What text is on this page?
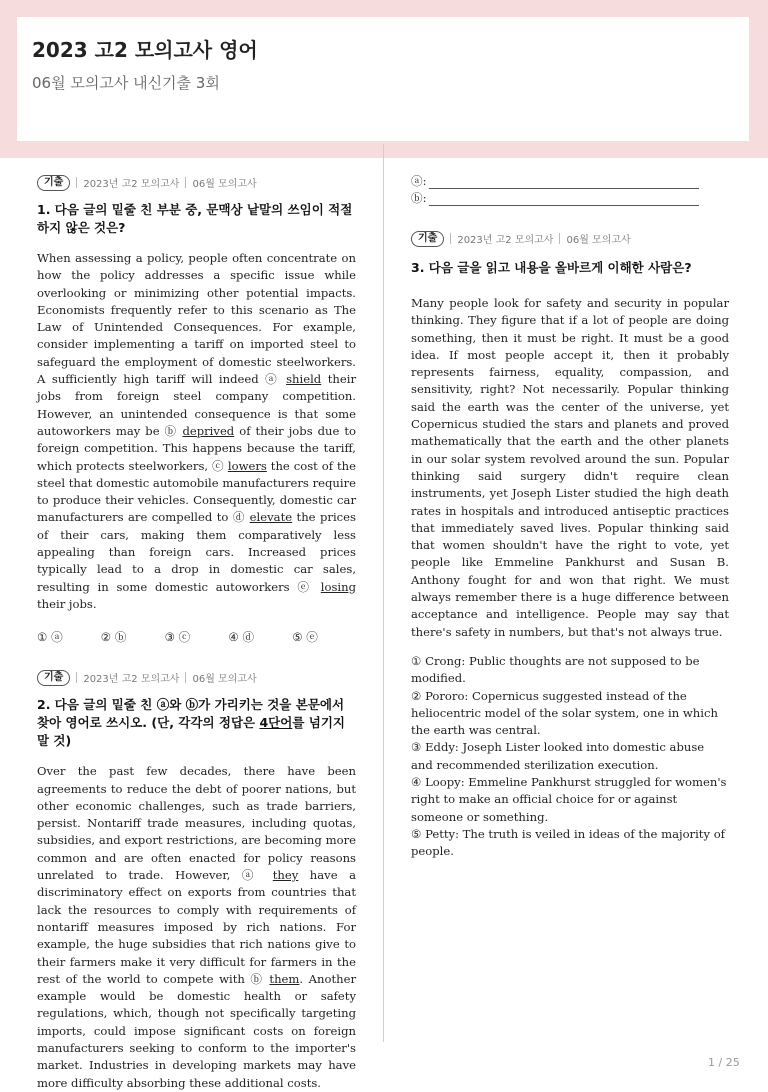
2023 고2 모의고사 영어
06월 모의고사 내신기출 3회
기출	2023년 고2 모의고사 06월 모의고사
1. 다음 글의 밑줄 친 부분 중, 문맥상 낱말의 쓰임이 적절하지 않은 것은?
When assessing a policy, people often concentrate on how the policy addresses a specific issue while overlooking or minimizing other potential impacts. Economists frequently refer to this scenario as The Law of Unintended Consequences. For example, consider implementing a tariff on imported steel to safeguard the employment of domestic steelworkers. A sufficiently high tariff will indeed ⓐ shield their jobs from foreign steel company competition. However, an unintended consequence is that some autoworkers may be ⓑ deprived of their jobs due to foreign competition. This happens because the tariff, which protects steelworkers, ⓒ lowers the cost of the steel that domestic automobile manufacturers require to produce their vehicles. Consequently, domestic car manufacturers are compelled to ⓓ elevate the prices of their cars, making them comparatively less appealing than foreign cars. Increased prices typically lead to a drop in domestic car sales, resulting in some domestic autoworkers ⓔ losing their jobs.
① ⓐ	② ⓑ	③ ⓒ	④ ⓓ	⑤ ⓔ
기출	2023년 고2 모의고사 06월 모의고사
2. 다음 글의 밑줄 친 ⓐ와 ⓑ가 가리키는 것을 본문에서 찾아 영어로 쓰시오. (단, 각각의 정답은 4단어를 넘기지 말 것)
Over the past few decades, there have been agreements to reduce the debt of poorer nations, but other economic challenges, such as trade barriers, persist. Nontariff trade measures, including quotas, subsidies, and export restrictions, are becoming more common and are often enacted for policy reasons unrelated to trade. However, ⓐ they have a discriminatory effect on exports from countries that lack the resources to comply with requirements of nontariff measures imposed by rich nations. For example, the huge subsidies that rich nations give to their farmers make it very difficult for farmers in the rest of the world to compete with ⓑ them. Another example would be domestic health or safety regulations, which, though not specifically targeting imports, could impose significant costs on foreign manufacturers seeking to conform to the importer's market. Industries in developing markets may have more difficulty absorbing these additional costs.
ⓐ:
ⓑ:
기출	2023년 고2 모의고사 06월 모의고사
3. 다음 글을 읽고 내용을 올바르게 이해한 사람은?
Many people look for safety and security in popular thinking. They figure that if a lot of people are doing something, then it must be right. It must be a good idea. If most people accept it, then it probably represents fairness, equality, compassion, and sensitivity, right? Not necessarily. Popular thinking said the earth was the center of the universe, yet Copernicus studied the stars and planets and proved mathematically that the earth and the other planets in our solar system revolved around the sun. Popular thinking said surgery didn't require clean instruments, yet Joseph Lister studied the high death rates in hospitals and introduced antiseptic practices that immediately saved lives. Popular thinking said that women shouldn't have the right to vote, yet people like Emmeline Pankhurst and Susan B. Anthony fought for and won that right. We must always remember there is a huge difference between acceptance and intelligence. People may say that there's safety in numbers, but that's not always true.
① Crong: Public thoughts are not supposed to be modified.
② Pororo: Copernicus suggested instead of the heliocentric model of the solar system, one in which the earth was central.
③ Eddy: Joseph Lister looked into domestic abuse and recommended sterilization execution.
④ Loopy: Emmeline Pankhurst struggled for women's right to make an official choice for or against someone or something.
⑤ Petty: The truth is veiled in ideas of the majority of people.
1 / 25
